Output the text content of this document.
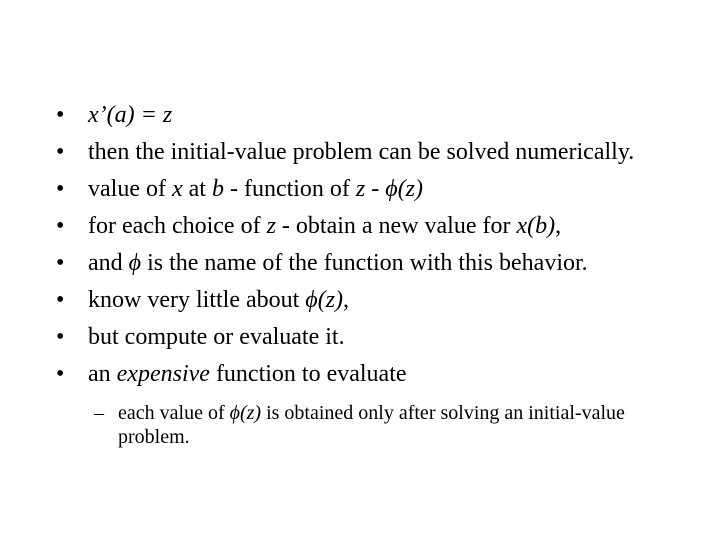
• x’(a) = z
• then the initial-value problem can be solved numerically.
• value of x at b - function of z - ϕ(z)
• for each choice of z - obtain a new value for x(b),
• and ϕ is the name of the function with this behavior.
• know very little about ϕ(z),
• but compute or evaluate it.
• an expensive function to evaluate
– each value of ϕ(z) is obtained only after solving an initial-value problem.
